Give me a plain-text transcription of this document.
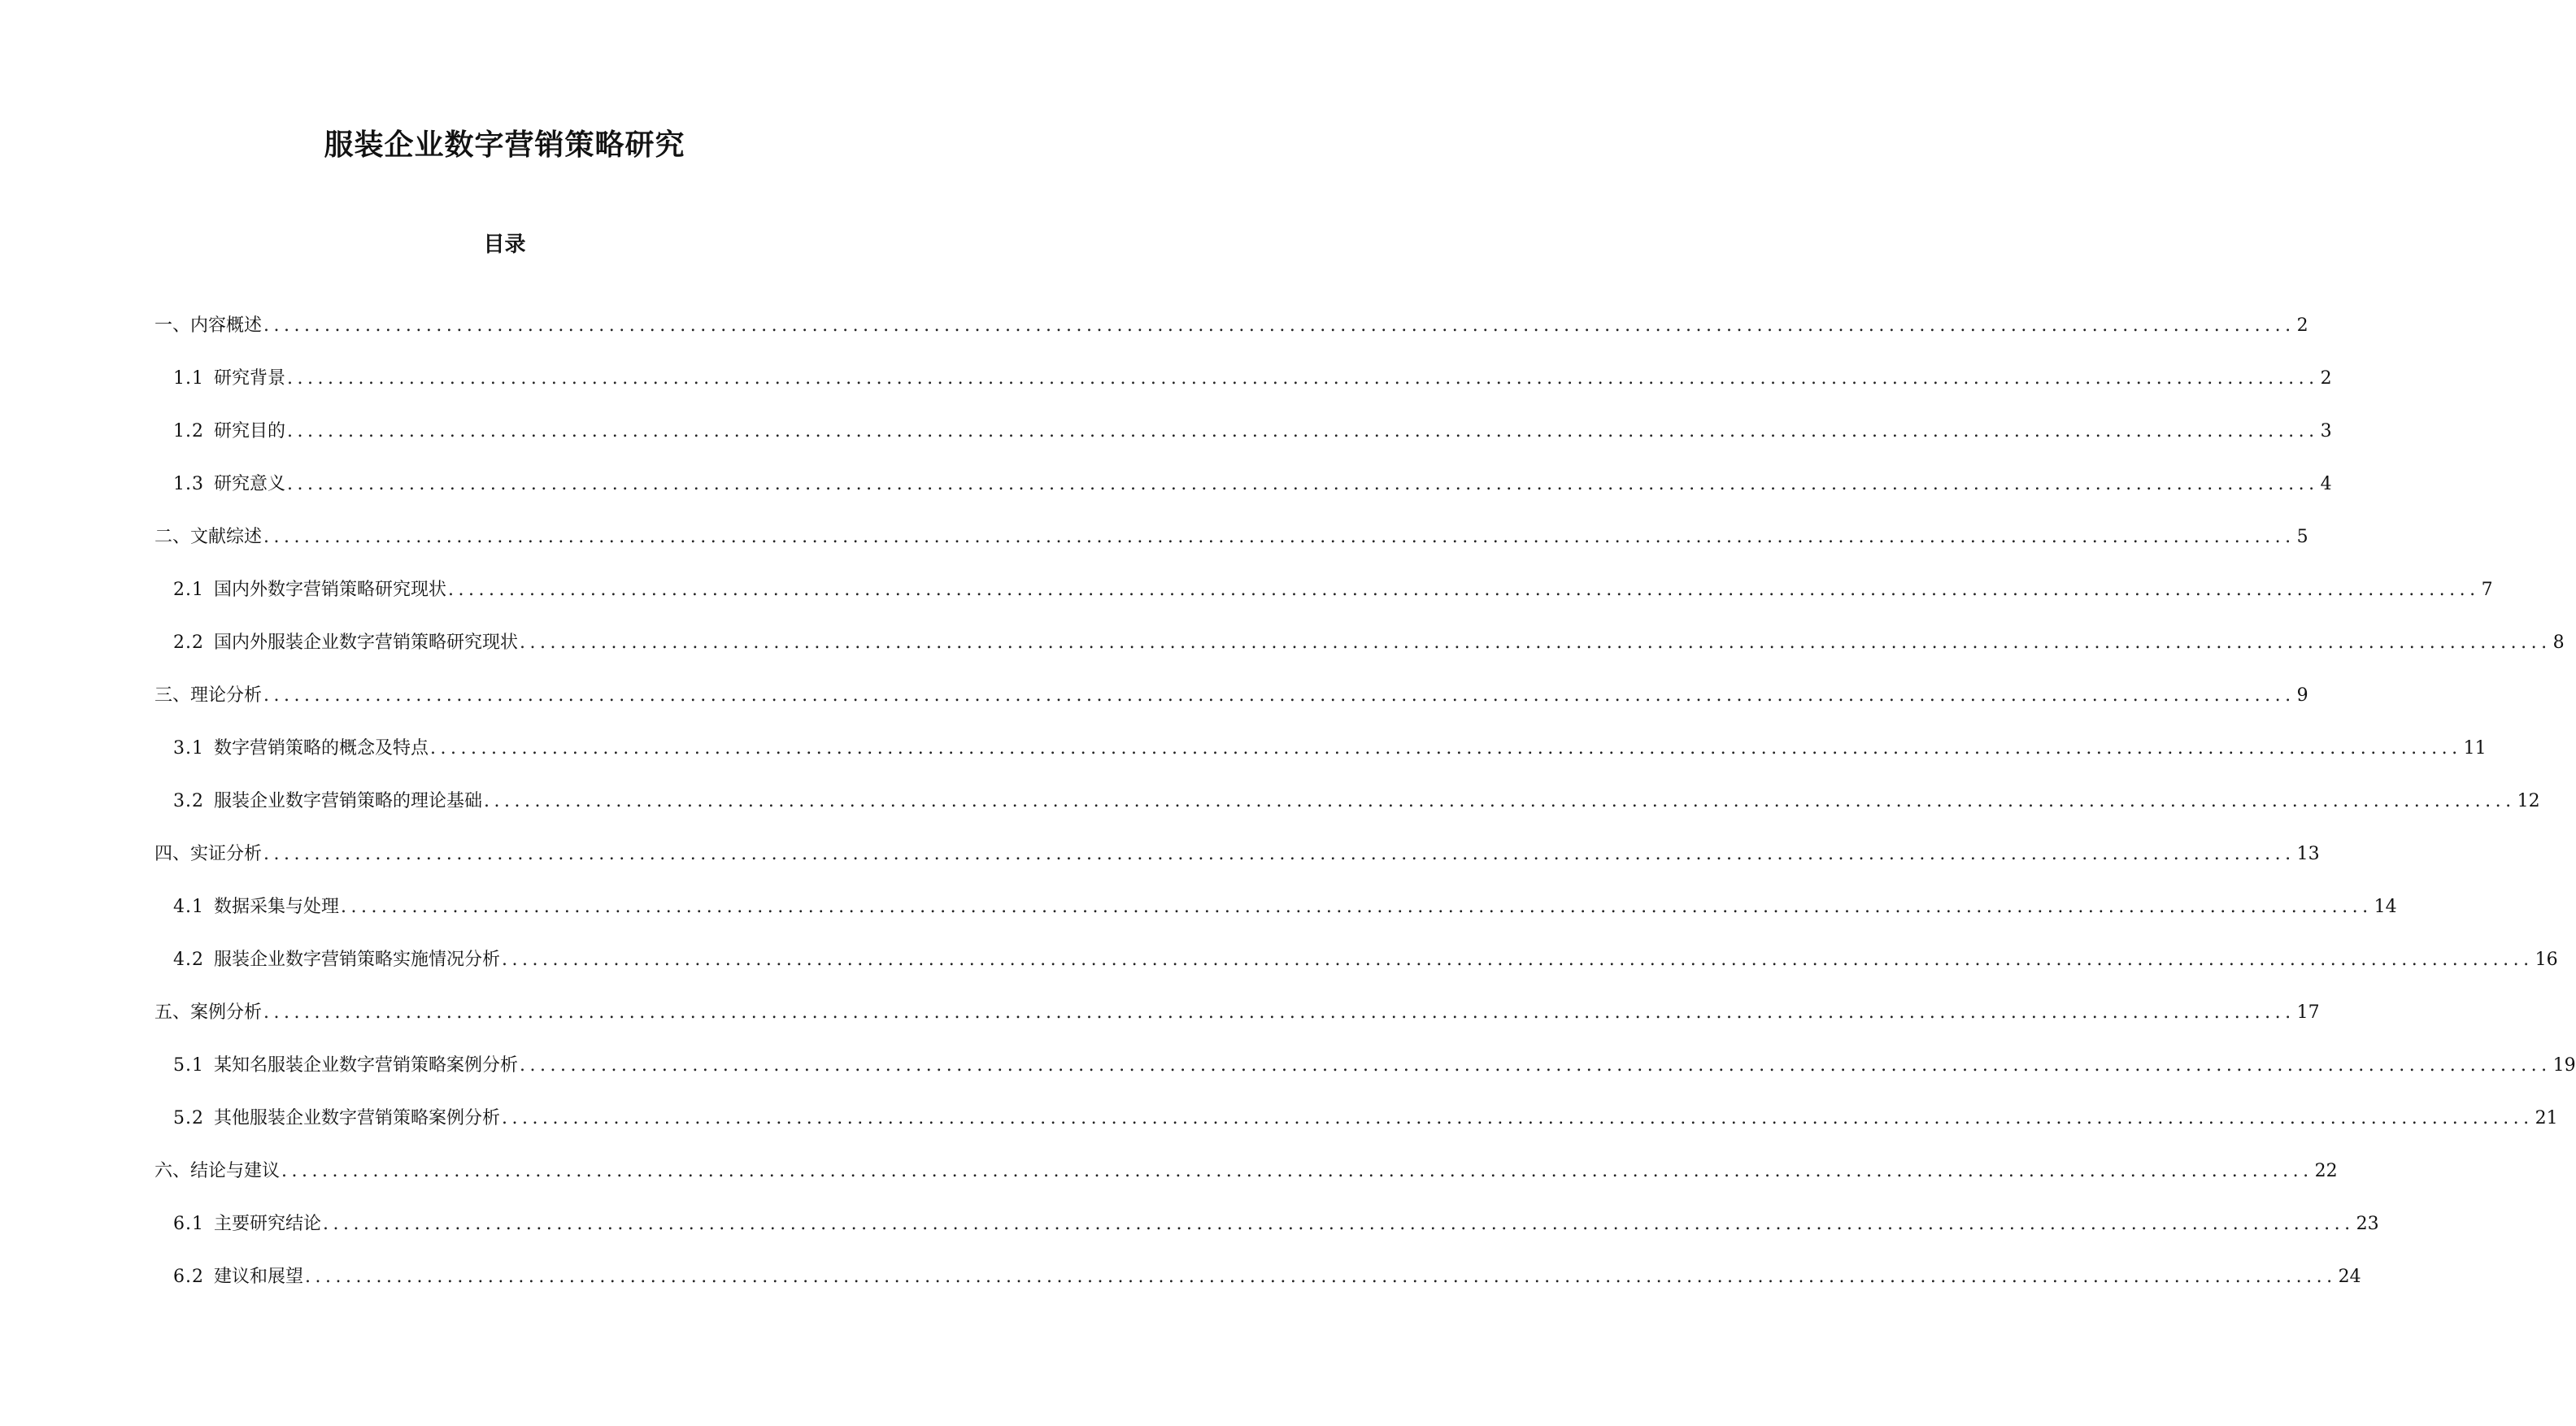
服装企业数字营销策略研究
目录
一、内容概述 ........................................................................................................................................................................................................ 2
1.1 研究背景 ........................................................................................................................................................................................................ 2
1.2 研究目的 ........................................................................................................................................................................................................ 3
1.3 研究意义 ........................................................................................................................................................................................................ 4
二、文献综述 ........................................................................................................................................................................................................ 5
2.1 国内外数字营销策略研究现状 ........................................................................................................................................................................................................ 7
2.2 国内外服装企业数字营销策略研究现状 ........................................................................................................................................................................................................ 8
三、理论分析 ........................................................................................................................................................................................................ 9
3.1 数字营销策略的概念及特点 ........................................................................................................................................................................................................ 11
3.2 服装企业数字营销策略的理论基础 ........................................................................................................................................................................................................ 12
四、实证分析 ........................................................................................................................................................................................................ 13
4.1 数据采集与处理 ........................................................................................................................................................................................................ 14
4.2 服装企业数字营销策略实施情况分析 ........................................................................................................................................................................................................ 16
五、案例分析 ........................................................................................................................................................................................................ 17
5.1 某知名服装企业数字营销策略案例分析 ........................................................................................................................................................................................................ 19
5.2 其他服装企业数字营销策略案例分析 ........................................................................................................................................................................................................ 21
六、结论与建议 ........................................................................................................................................................................................................ 22
6.1 主要研究结论 ........................................................................................................................................................................................................ 23
6.2 建议和展望 ........................................................................................................................................................................................................ 24
